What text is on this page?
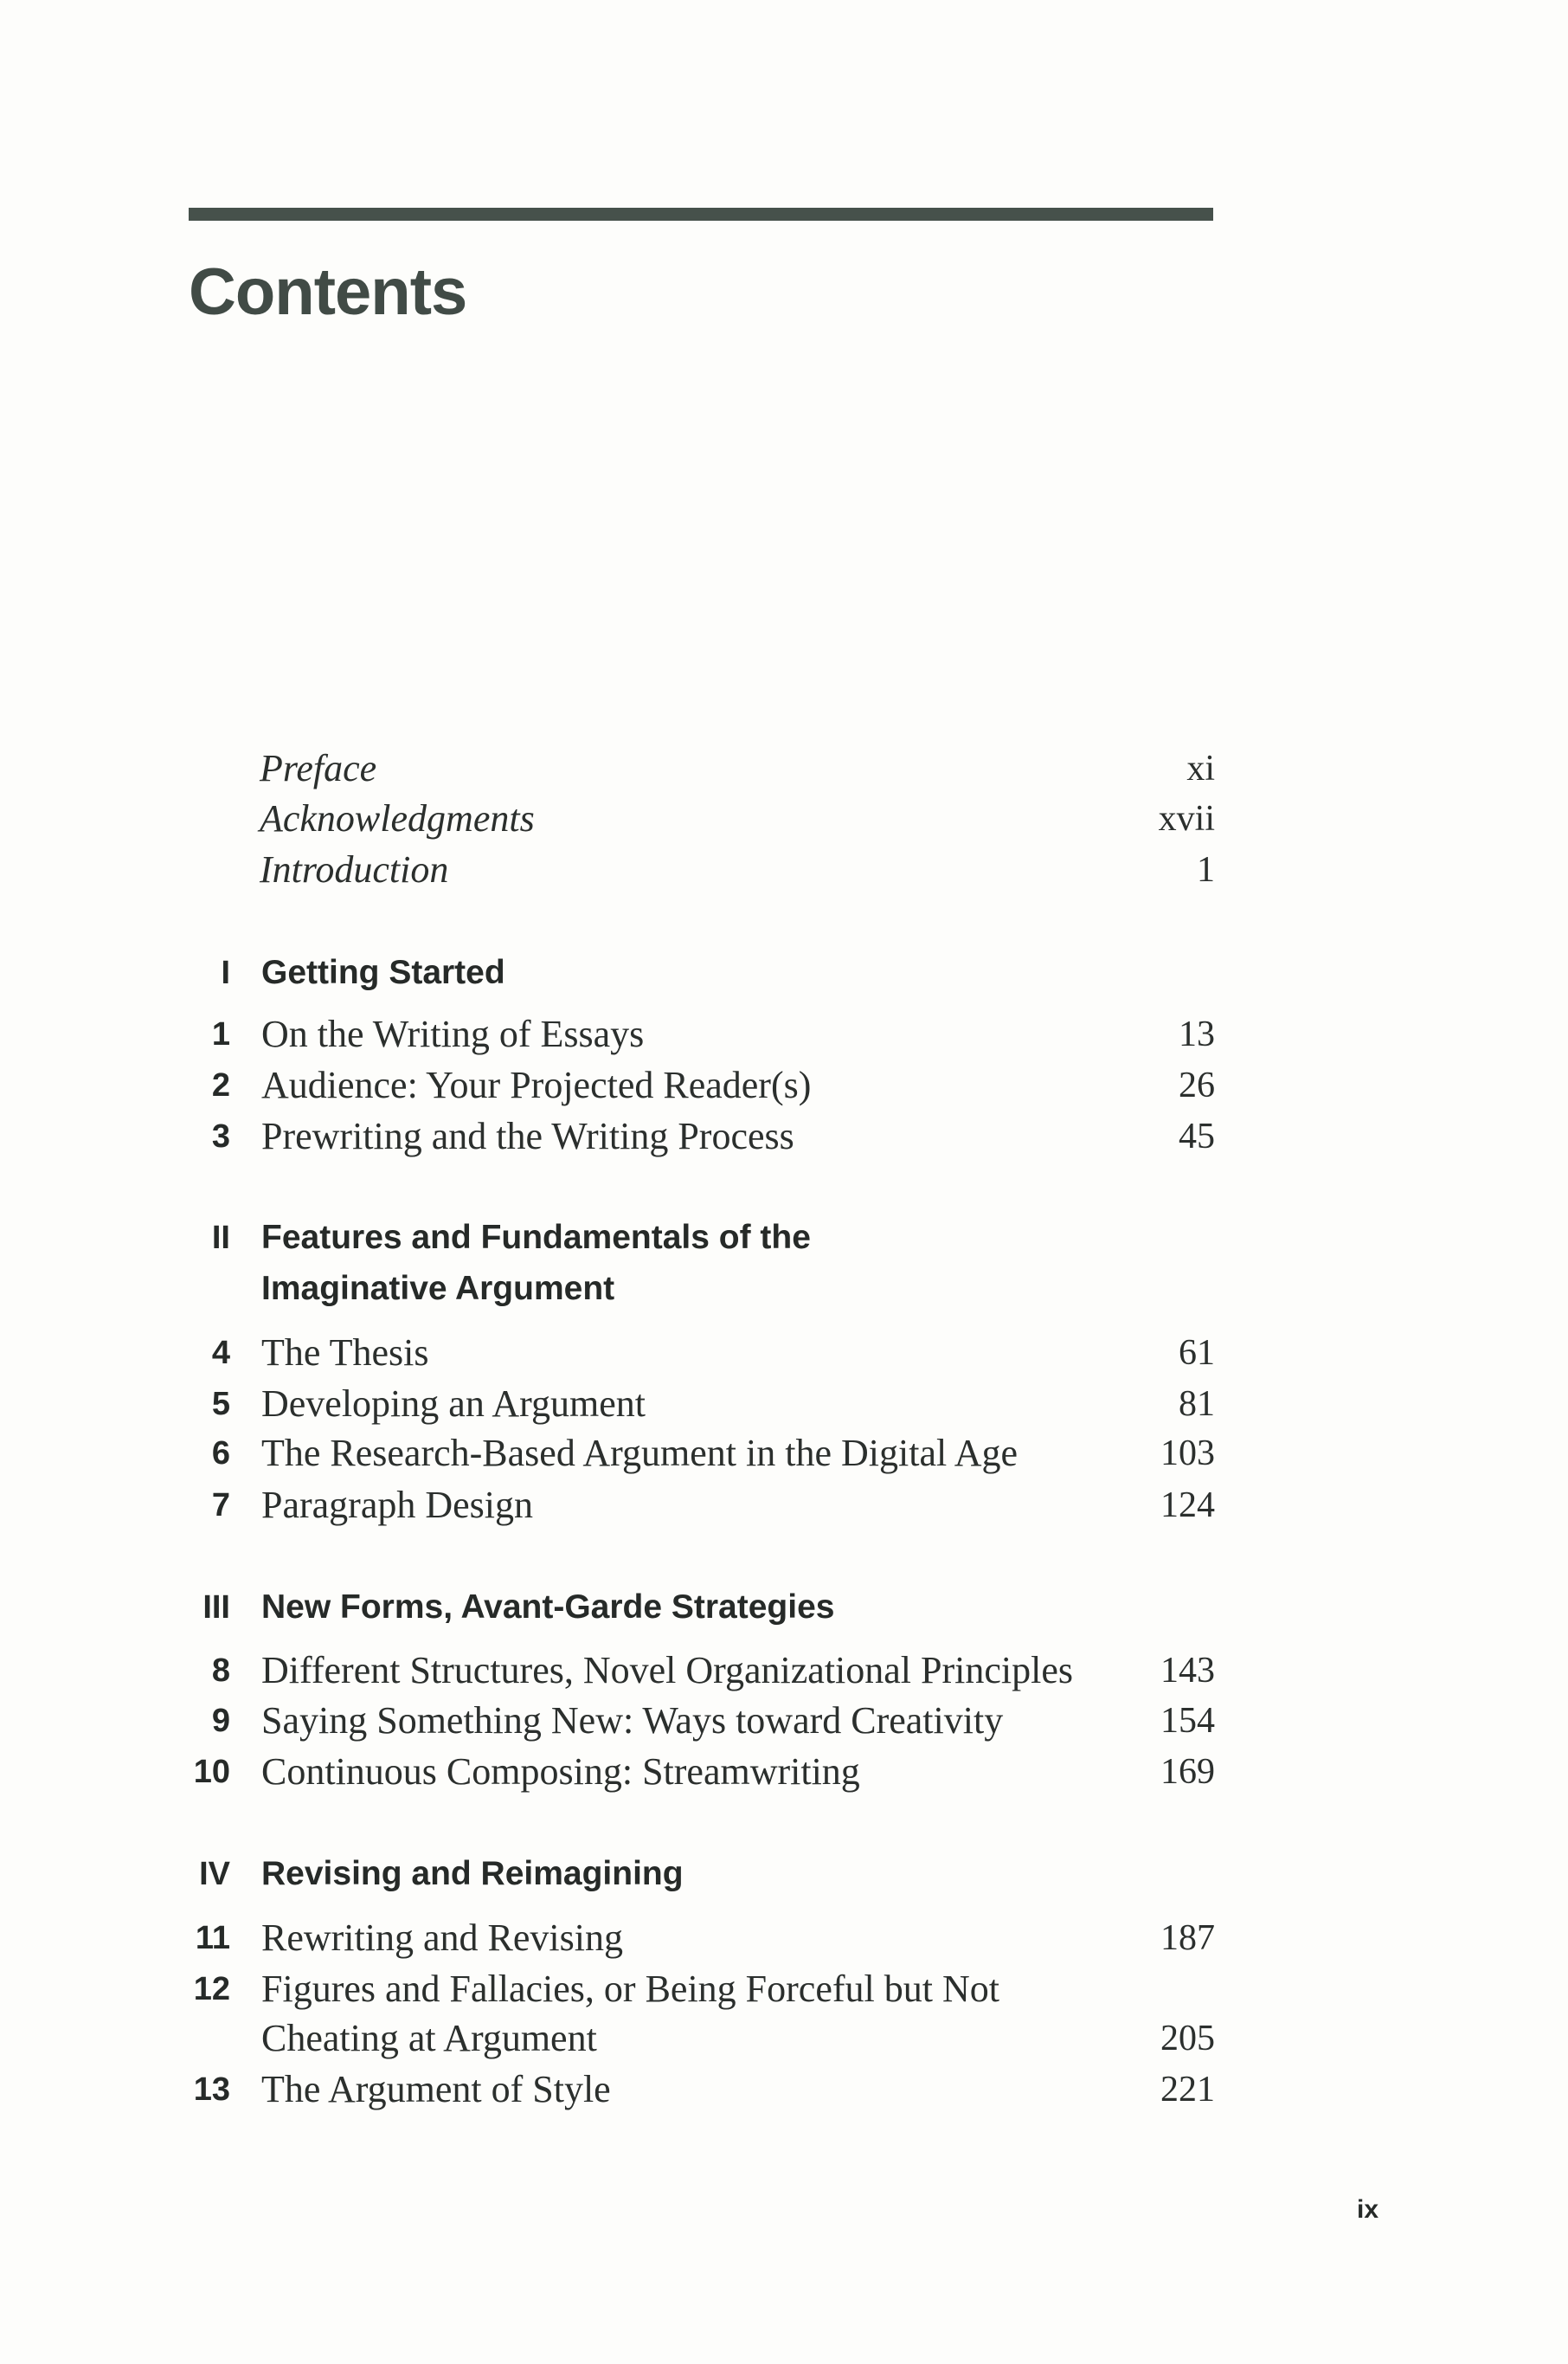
Contents
Preface	xi
Acknowledgments	xvii
Introduction	1
I Getting Started
1 On the Writing of Essays	13
2 Audience: Your Projected Reader(s)	26
3 Prewriting and the Writing Process	45
II Features and Fundamentals of the
Imaginative Argument
4 The Thesis	61
5 Developing an Argument	81
6 The Research-Based Argument in the Digital Age	103
7 Paragraph Design	124
III New Forms, Avant-Garde Strategies
8 Different Structures, Novel Organizational Principles 143
9 Saying Something New: Ways toward Creativity	154
10 Continuous Composing: Streamwriting	169
IV Revising and Reimagining
11 Rewriting and Revising	187
12 Figures and Fallacies, or Being Forceful but Not
Cheating at Argument	205
13 The Argument of Style	221
ix
